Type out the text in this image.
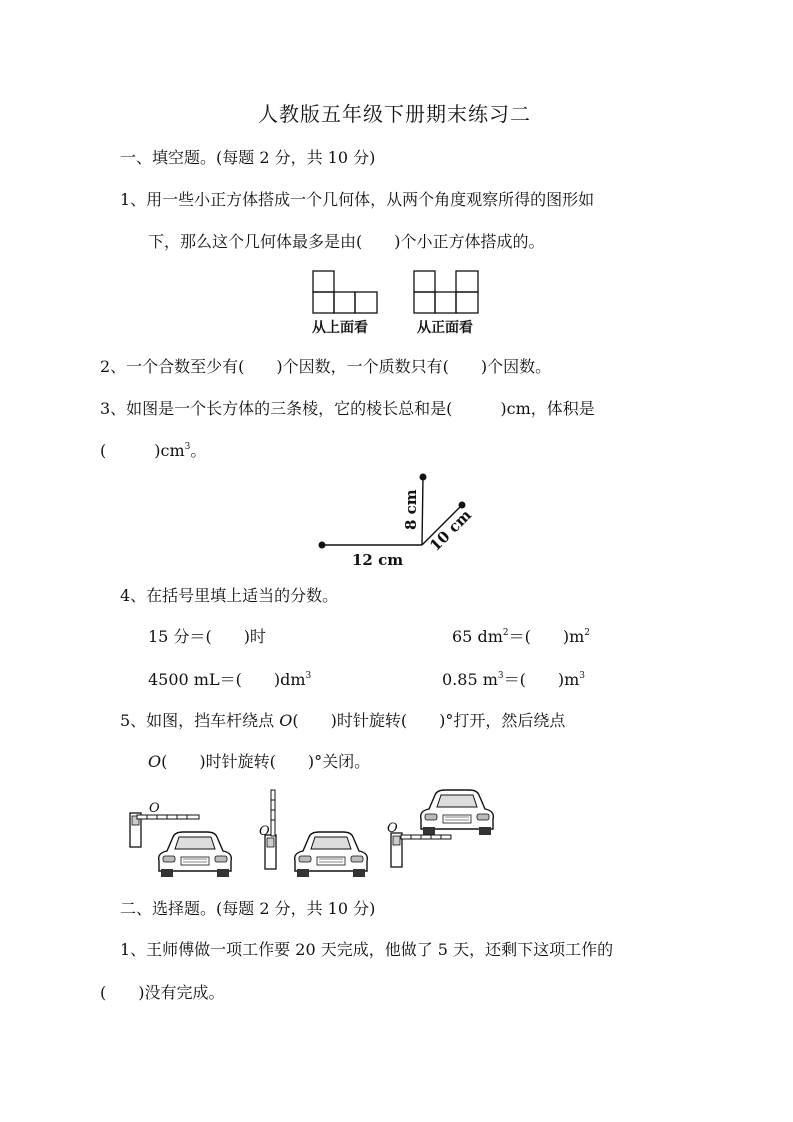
人教版五年级下册期末练习二
一、填空题。(每题 2 分，共 10 分)
1、用一些小正方体搭成一个几何体，从两个角度观察所得的图形如
下，那么这个几何体最多是由(　　)个小正方体搭成的。
从上面看	从正面看
2、一个合数至少有(　　)个因数，一个质数只有(　　)个因数。
3、如图是一个长方体的三条棱，它的棱长总和是(　　　)cm，体积是
(　　　)$cm^3$。
12 cm
8 cm 10 cm
4、在括号里填上适当的分数。
15 分＝(　　)时	65 $dm^2=$(　　)$m^2$
4500 mL＝(　　)$dm^3$	0.85 $m^3=$(　　)$m^3$
5、如图，挡车杆绕点 O(　　)时针旋转(　　)°打开，然后绕点
O(　　)时针旋转(　　)°关闭。
O
O	O
二、选择题。(每题 2 分，共 10 分)
1、王师傅做一项工作要 20 天完成，他做了 5 天，还剩下这项工作的
(　　)没有完成。
